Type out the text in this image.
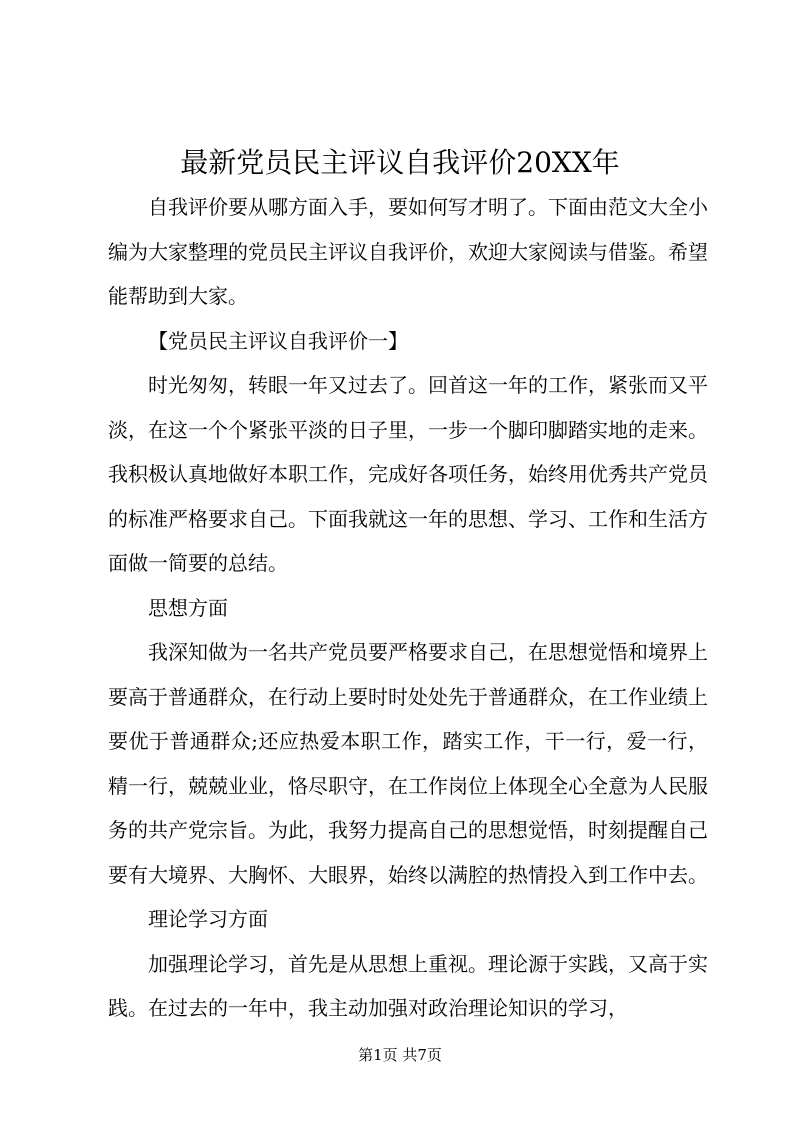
最新党员民主评议自我评价20XX年

自我评价要从哪方面入手，要如何写才明了。下面由范文大全小编为大家整理的党员民主评议自我评价，欢迎大家阅读与借鉴。希望能帮助到大家。

【党员民主评议自我评价一】

时光匆匆，转眼一年又过去了。回首这一年的工作，紧张而又平淡，在这一个个紧张平淡的日子里，一步一个脚印脚踏实地的走来。我积极认真地做好本职工作，完成好各项任务，始终用优秀共产党员的标准严格要求自己。下面我就这一年的思想、学习、工作和生活方面做一简要的总结。

思想方面

我深知做为一名共产党员要严格要求自己，在思想觉悟和境界上要高于普通群众，在行动上要时时处处先于普通群众，在工作业绩上要优于普通群众;还应热爱本职工作，踏实工作，干一行，爱一行，精一行，兢兢业业，恪尽职守，在工作岗位上体现全心全意为人民服务的共产党宗旨。为此，我努力提高自己的思想觉悟，时刻提醒自己要有大境界、大胸怀、大眼界，始终以满腔的热情投入到工作中去。

理论学习方面

加强理论学习，首先是从思想上重视。理论源于实践，又高于实践。在过去的一年中，我主动加强对政治理论知识的学习，

第1页 共7页
